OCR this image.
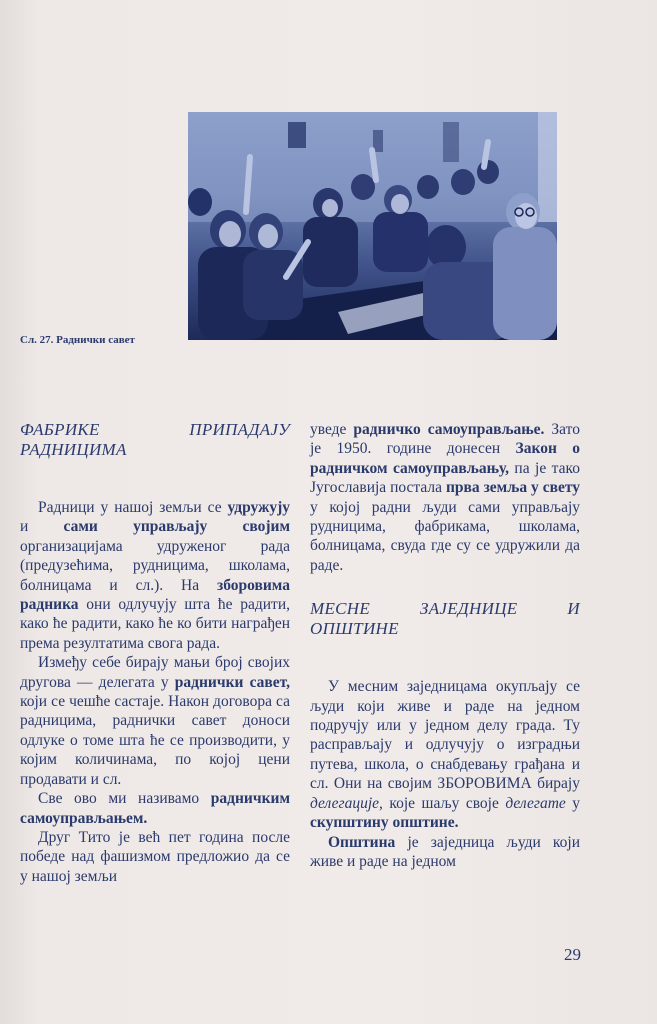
Сл. 27. Раднички савет
ФАБРИКЕ ПРИПАДАЈУ РАДНИЦИМА

Радници у нашој земљи се удружују и сами управљају својим организацијама удруженог рада (предузећима, рудницима, школама, болницама и сл.). На зборовима радника они одлучују шта ће радити, како ће радити, како ће ко бити награђен према резултатима свога рада.

Између себе бирају мањи број својих другова — делегата у раднички савет, који се чешће састаје. Након договора са радницима, раднички савет доноси одлуке о томе шта ће се производити, у којим количинама, по којој цени продавати и сл.

Све ово ми називамо радничким самоуправљањем.

Друг Тито је већ пет година после победе над фашизмом предложио да се у нашој земљи

уведе радничко самоуправљање. Зато је 1950. године донесен Закон о радничком самоуправљању, па је тако Југославија постала прва земља у свету у којој радни људи сами управљају рудницима, фабрикама, школама, болницама, свуда где су се удружили да раде.

МЕСНЕ ЗАЈЕДНИЦЕ И ОПШТИНЕ

У месним заједницама окупљају се људи који живе и раде на једном подручју или у једном делу града. Ту расправљају и одлучују о изградњи путева, школа, о снабдевању грађана и сл. Они на својим ЗБОРОВИМА бирају делегације, које шаљу своје делегате у скупштину општине.

Општина је заједница људи који живе и раде на једном

29
